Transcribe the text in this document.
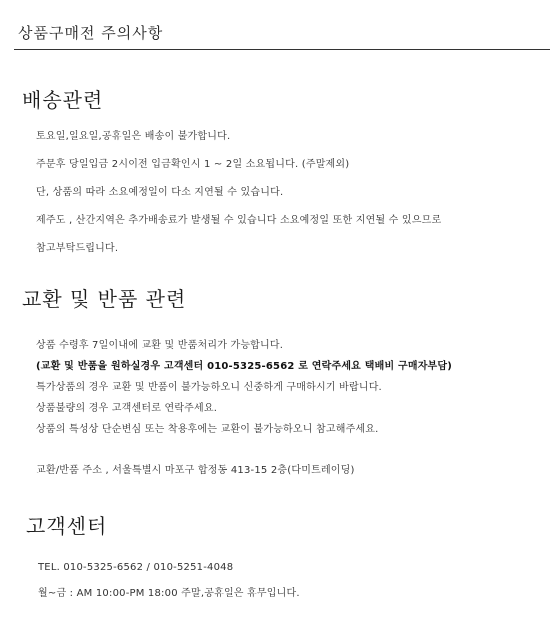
상품구매전 주의사항
배송관련
토요일,일요일,공휴일은 배송이 불가합니다.
주문후 당일입금 2시이전 입금확인시 1 ~ 2일 소요됩니다. (주말제외)
단, 상품의 따라 소요예정일이 다소 지연될 수 있습니다.
제주도 , 산간지역은 추가배송료가 발생될 수 있습니다 소요예정일 또한 지연될 수 있으므로
참고부탁드립니다.
교환 및 반품 관련
상품 수령후 7일이내에 교환 및 반품처리가 가능합니다.
(교환 및 반품을 원하실경우 고객센터 010-5325-6562 로 연락주세요 택배비 구매자부담)
특가상품의 경우 교환 및 반품이 불가능하오니 신중하게 구매하시기 바랍니다.
상품불량의 경우 고객센터로 연락주세요.
상품의 특성상 단순변심 또는 착용후에는 교환이 불가능하오니 참고해주세요.
교환/반품 주소 , 서울특별시 마포구 합정동 413-15 2층(다미트레이딩)
고객센터
TEL. 010-5325-6562 / 010-5251-4048
월~금 : AM 10:00-PM 18:00 주말,공휴일은 휴무입니다.
